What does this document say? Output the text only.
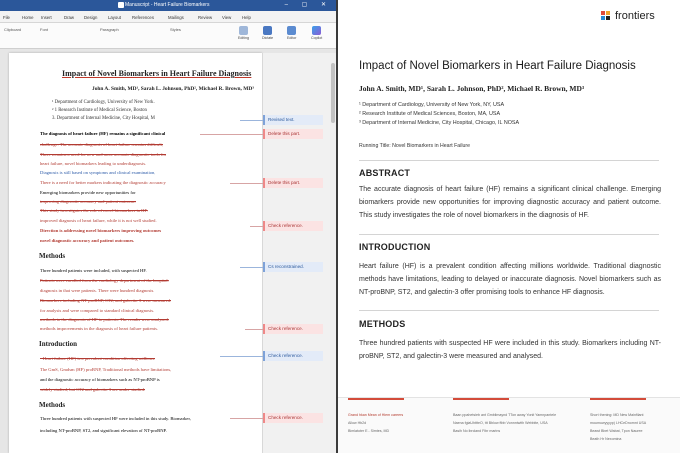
Manuscript - Heart Failure Biomarkers	– ▢ ✕
File	Home Insert	Draw Design Layout	References	Mailings	Review View	Help
Clipboard	Font	Paragraph	Styles
Editing	Dictate	Editor	Copilot
Impact of Novel Biomarkers in Heart Failure Diagnosis
John A. Smith, MD¹, Sarah L. Johnson, PhD², Michael R. Brown, MD³
¹ Department of Cardiology, University of New York.
² 1 Research Institute of Medical Science, Boston
3. Department of Internal Medicine, City Hospital, M
The diagnosis of heart failure (HF) remains a significant clinical
challenge. The accurate diagnosis of heart failure remains difficult,
There remains a need for new and more accurate diagnostic tools for
heart failure, novel biomarkers leading to underdiagnosis.
Diagnosis is still based on symptoms and clinical examination,
There is a need for better markers indicating the diagnostic accuracy
Emerging biomarkers provide new opportunities for
improving diagnostic accuracy and patient outcome.
This study investigates the role of novel biomarkers in HF.
improved diagnosis of heart failure, while it is not well studied.
Direction is addressing novel biomarkers improving outcomes
novel diagnostic accuracy and patient outcomes.
Methods
Three hundred patients were included, with suspected HF.
Patients were enrolled from the cardiology department of the hospital.
diagnosis in that were patients. There were hundred diagnosis.
Biomarkers including NT-proBNP, ST2, and galectin-3 were measured.
for analysis and were compared to standard clinical diagnosis.
methods in the diagnosis of HF in patients. The results were analyzed.
methods improvements in the diagnosis of heart failure patients.
Introduction
• Heart failure (HF) is a prevalent condition affecting millions.
The GmS, Gmdsm (HF) proBNP, Traditional methods have limitations,
and the diagnostic accuracy of biomarkers such as NT-proBNP is
widely studied, but ST2 and galectin-3 are under-studied.
Methods
Three hundred patients with suspected HF were included in this study. Biomarker,
including NT-proBNP, ST2, and significant elevation of NT-proBNP.
Revised text.
Delete this part.
Delete this part.
Check reference.
Cs reconstrained.
Check reference.
Check reference.
Check reference.
frontiers
Impact of Novel Biomarkers in Heart Failure Diagnosis
John A. Smith, MD¹, Sarah L. Johnson, PhD², Michael R. Brown, MD³
¹ Department of Cardiology, University of New York, NY, USA
² Research Institute of Medical Sciences, Boston, MA, USA
³ Department of Internal Medicine, City Hospital, Chicago, IL NOSA
Running Title: Novel Biomarkers in Heart Failure
ABSTRACT
The accurate diagnosis of heart failure (HF) remains a significant clinical challenge. Emerging biomarkers provide new opportunities for improving diagnostic accuracy and patient outcome. This study investigates the role of novel biomarkers in the diagnosis of HF.
INTRODUCTION
Heart failure (HF) is a prevalent condition affecting millions worldwide. Traditional diagnostic methods have limitations, leading to delayed or inaccurate diagnosis. Novel biomarkers such as NT-proBNP, ST2, and galectin-3 offer promising tools to enhance HF diagnosis.
METHODS
Three hundred patients with suspected HF were included in this study. Biomarkers including NT-proBNP, ST2, and galectin-3 were measured and analysed.
Grand hkan Mean of Hiem careers
Allow Hb2d
Bimlatoter E.. Simtes, MD
Baan ppahetsieb ant Gmblimaynd TTon away Yonit Yamnpantele
Naena fgiaUhttteO, ttt Bblow ftbb Vonnntwith Webbite, USA
Basih No ibrcland Fibr marins
Short thening: MD New Mainfilant
moumuwyyyyp) LHCeDnomnt USA
Beawt Bbet Wabat, Tpon Nauree
Beath Hr Nexomina
